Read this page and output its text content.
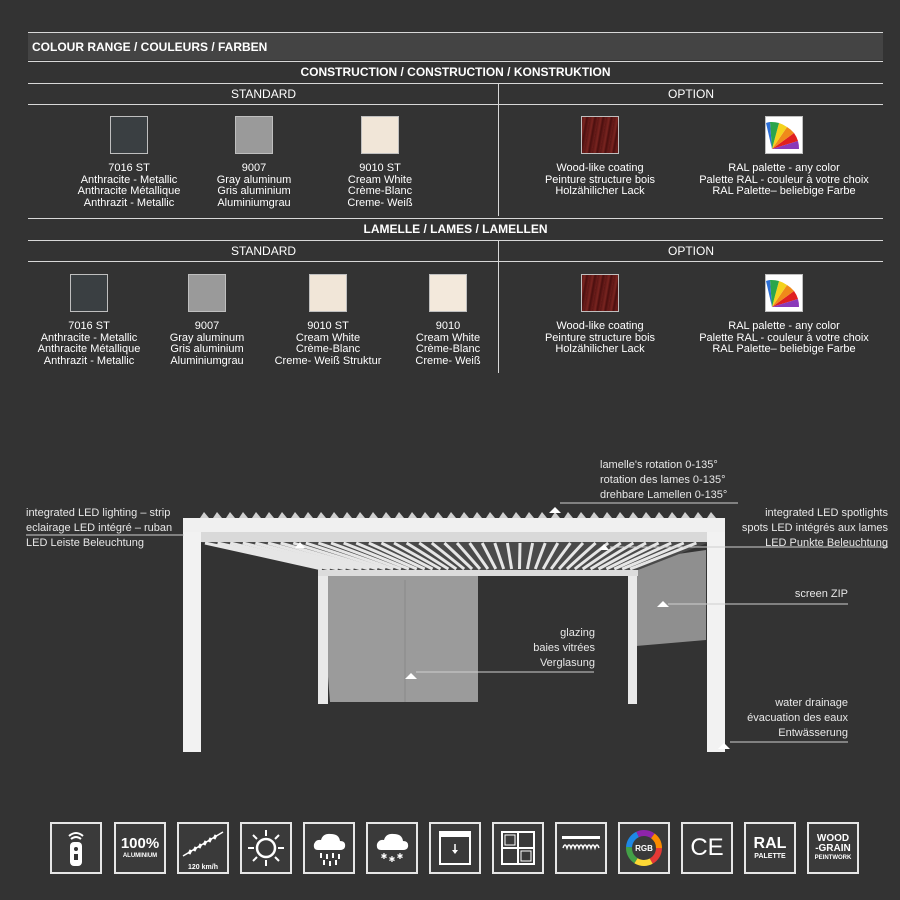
COLOUR RANGE / COULEURS / FARBEN
CONSTRUCTION / CONSTRUCTION / KONSTRUKTION
STANDARD	OPTION
7016 ST
Anthracite - Metallic
Anthracite Métallique
Anthrazit - Metallic
9007
Gray aluminum
Gris aluminium
Aluminiumgrau
9010 ST
Cream White
Crème-Blanc
Creme- Weiß
Wood-like coating
Peinture structure bois
Holzähilicher Lack
RAL palette - any color
Palette RAL - couleur à votre choix
RAL Palette– beliebige Farbe
LAMELLE / LAMES / LAMELLEN
STANDARD	OPTION
7016 ST
Anthracite - Metallic
Anthracite Métallique
Anthrazit - Metallic
9007
Gray aluminum
Gris aluminium
Aluminiumgrau
9010 ST
Cream White
Crème-Blanc
Creme- Weiß Struktur
9010
Cream White
Crème-Blanc
Creme- Weiß
Wood-like coating
Peinture structure bois
Holzähilicher Lack
RAL palette - any color
Palette RAL - couleur à votre choix
RAL Palette– beliebige Farbe
integrated LED lighting – strip
eclairage LED intégré – ruban
LED Leiste Beleuchtung
lamelle's rotation 0-135°
rotation des lames 0-135°
drehbare Lamellen 0-135°
integrated LED spotlights
spots LED intégrés aux lames
LED Punkte Beleuchtung
screen ZIP
glazing
baies vitrées
Verglasung
water drainage
évacuation des eaux
Entwässerung
100%
ALUMINIUM
120 km/h
✱ ✱ ✱
RGB CE RAL
PALETTE
WOOD
-GRAIN
PEINTWORK
